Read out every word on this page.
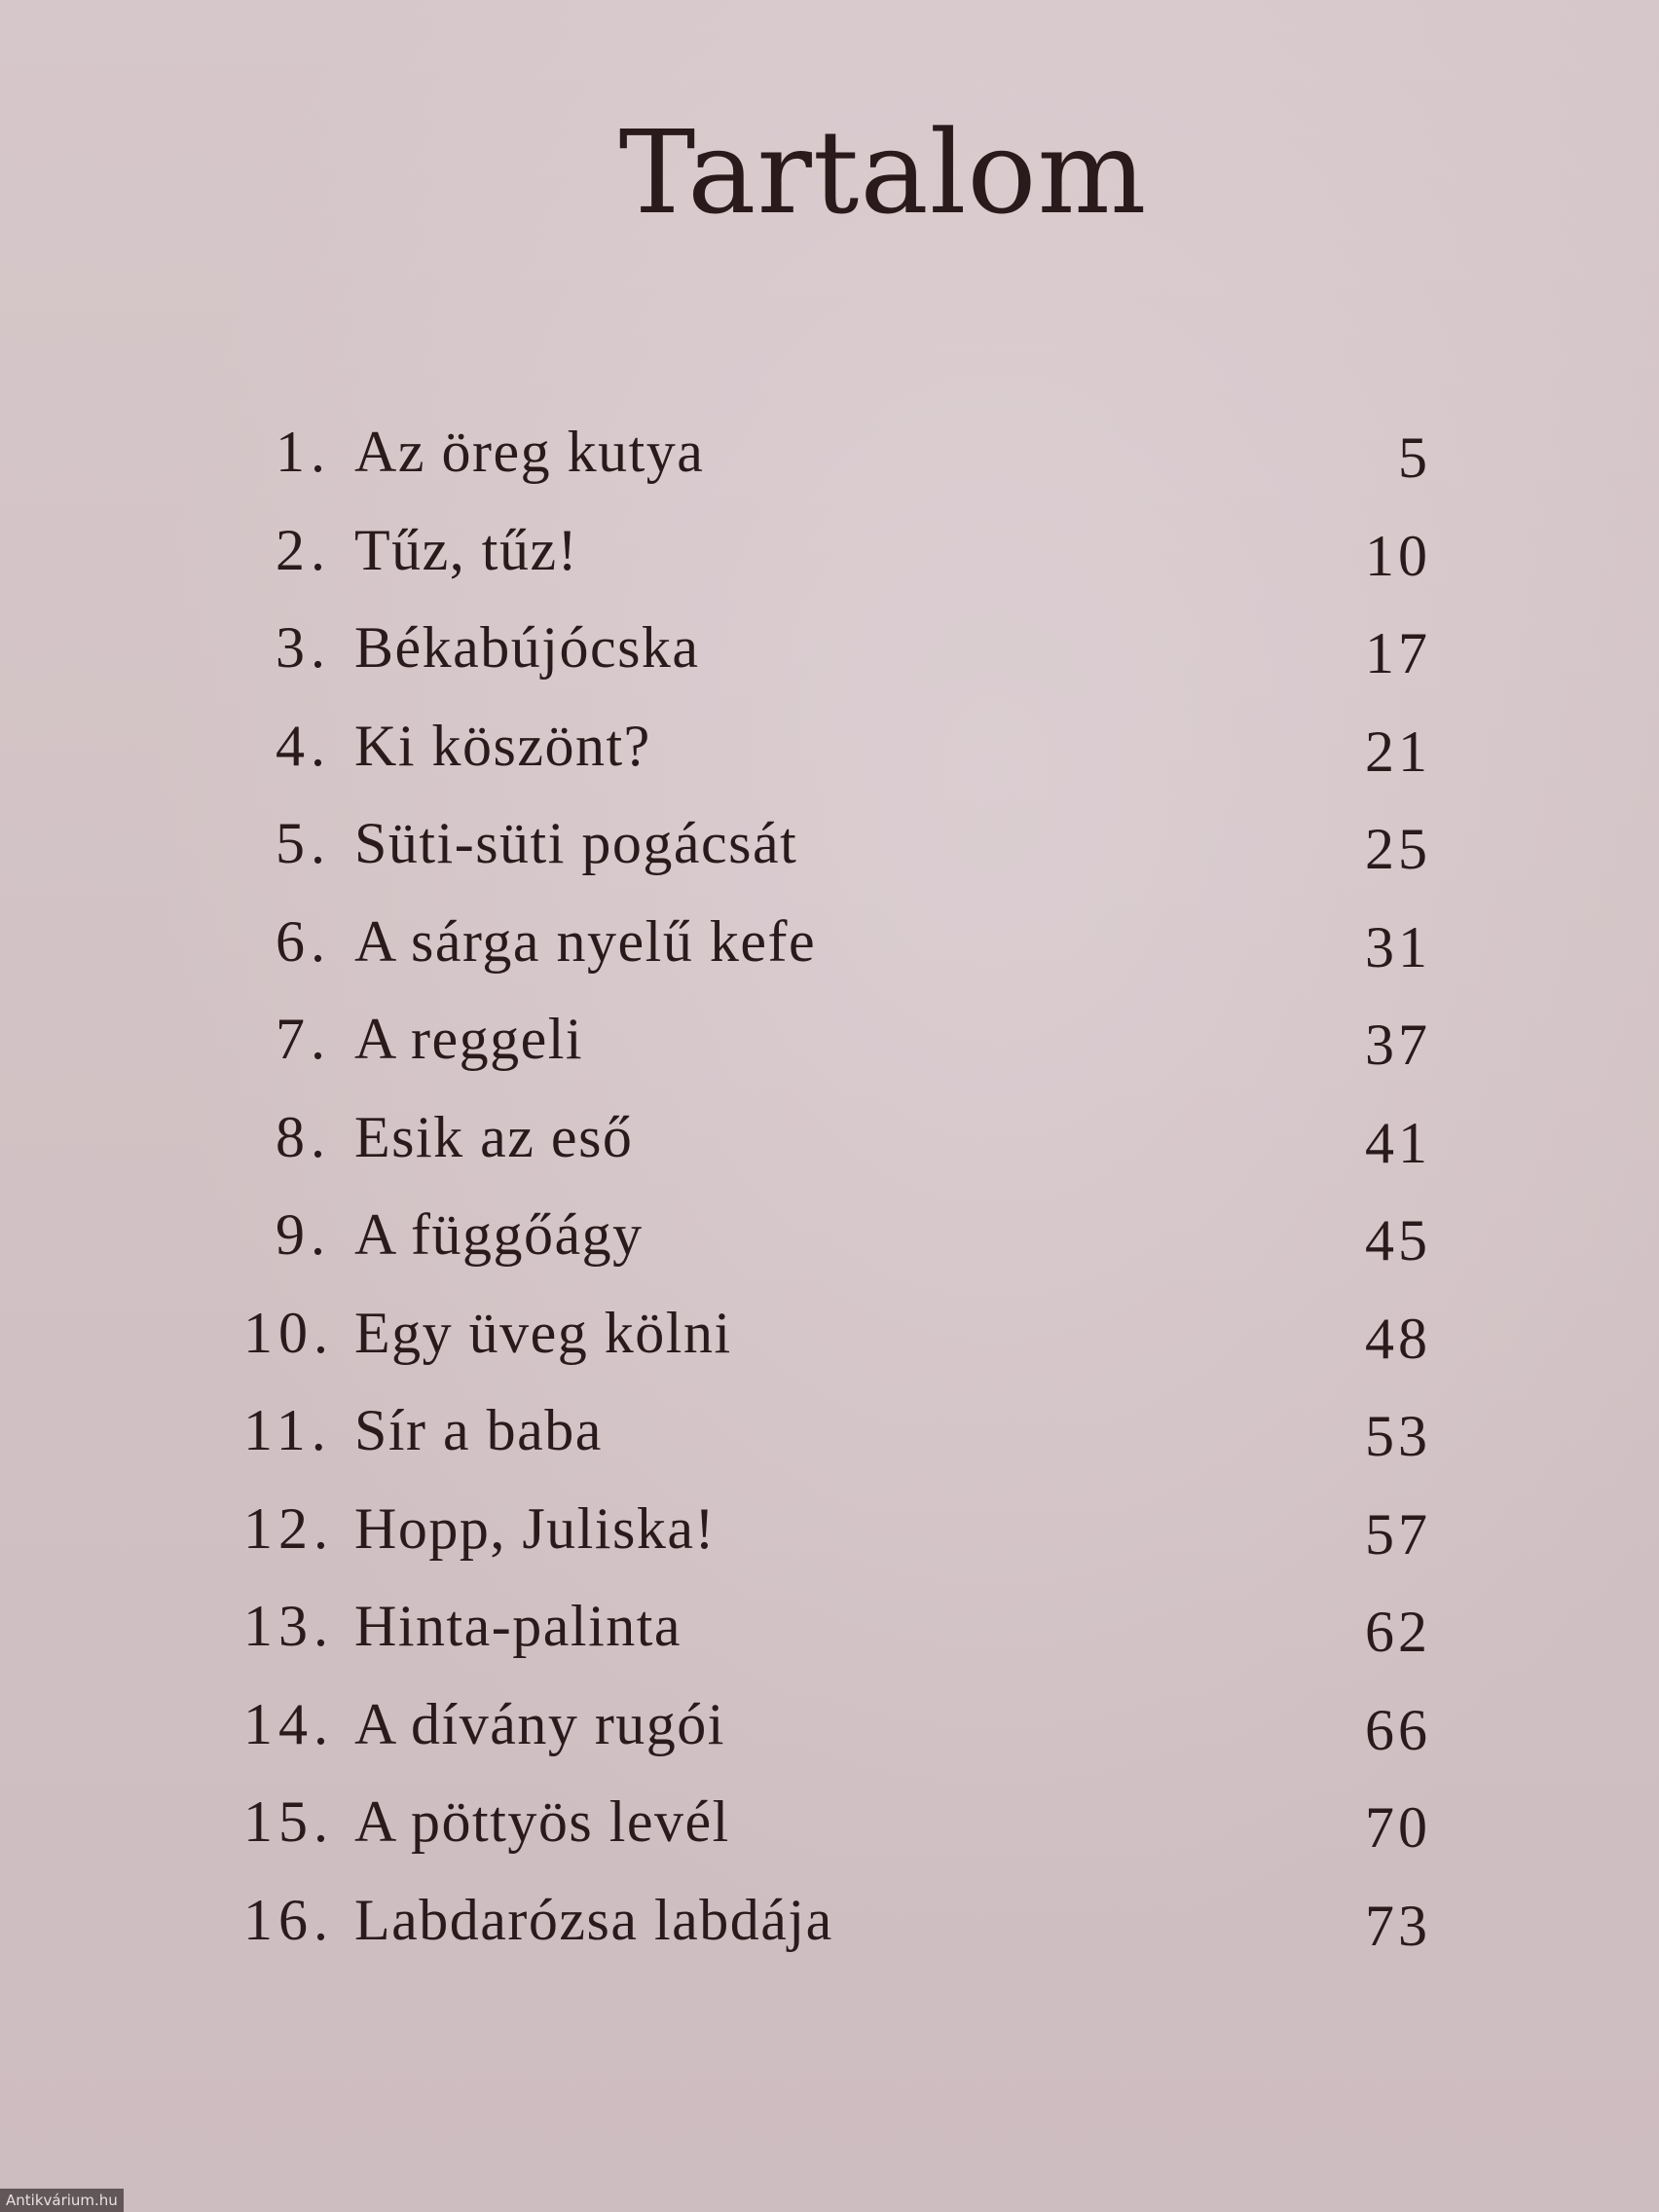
Tartalom
1. Az öreg kutya	5
2. Tűz, tűz!	10
3. Békabújócska	17
4. Ki köszönt?	21
5. Süti-süti pogácsát	25
6. A sárga nyelű kefe	31
7. A reggeli	37
8. Esik az eső	41
9. A függőágy	45
10. Egy üveg kölni	48
11. Sír a baba	53
12. Hopp, Juliska!	57
13. Hinta-palinta	62
14. A dívány rugói	66
15. A pöttyös levél	70
16. Labdarózsa labdája	73
Antikvárium.hu
